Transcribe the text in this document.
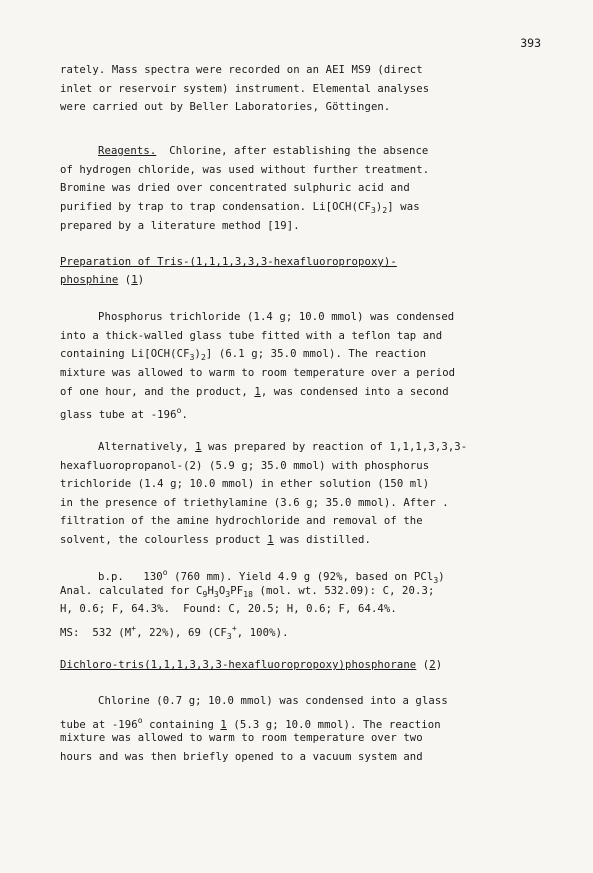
393
rately. Mass spectra were recorded on an AEI MS9 (direct
inlet or reservoir system) instrument. Elemental analyses
were carried out by Beller Laboratories, Göttingen.
Reagents. Chlorine, after establishing the absence
of hydrogen chloride, was used without further treatment.
Bromine was dried over concentrated sulphuric acid and
purified by trap to trap condensation. $Li[OCH(CF_3)_2]$ was
prepared by a literature method [19].
Preparation of Tris-(1,1,1,3,3,3-hexafluoropropoxy)-
phosphine (1)
Phosphorus trichloride (1.4 g; 10.0 mmol) was condensed
into a thick-walled glass tube fitted with a teflon tap and
containing $Li[OCH(CF_3)_2]$ (6.1 g; 35.0 mmol). The reaction
mixture was allowed to warm to room temperature over a period
of one hour, and the product, 1, was condensed into a second
glass tube at -196$^o$.
Alternatively, 1 was prepared by reaction of 1,1,1,3,3,3-
hexafluoropropanol-(2) (5.9 g; 35.0 mmol) with phosphorus
trichloride (1.4 g; 10.0 mmol) in ether solution (150 ml)
in the presence of triethylamine (3.6 g; 35.0 mmol). After .
filtration of the amine hydrochloride and removal of the
solvent, the colourless product 1 was distilled.
b.p.   130$^o$ (760 mm). Yield 4.9 g (92%, based on PCl$_3$)
Anal. calculated for $C_9H_3O_3PF_{18}$ (mol. wt. 532.09): C, 20.3;
H, 0.6; F, 64.3%.  Found: C, 20.5; H, 0.6; F, 64.4%.
MS:  532 (M+, 22%), 69 ($CF_3^+$, 100%).
Dichloro-tris(1,1,1,3,3,3-hexafluoropropoxy)phosphorane (2)
Chlorine (0.7 g; 10.0 mmol) was condensed into a glass
tube at -196$^o$ containing 1 (5.3 g; 10.0 mmol). The reaction
mixture was allowed to warm to room temperature over two
hours and was then briefly opened to a vacuum system and
